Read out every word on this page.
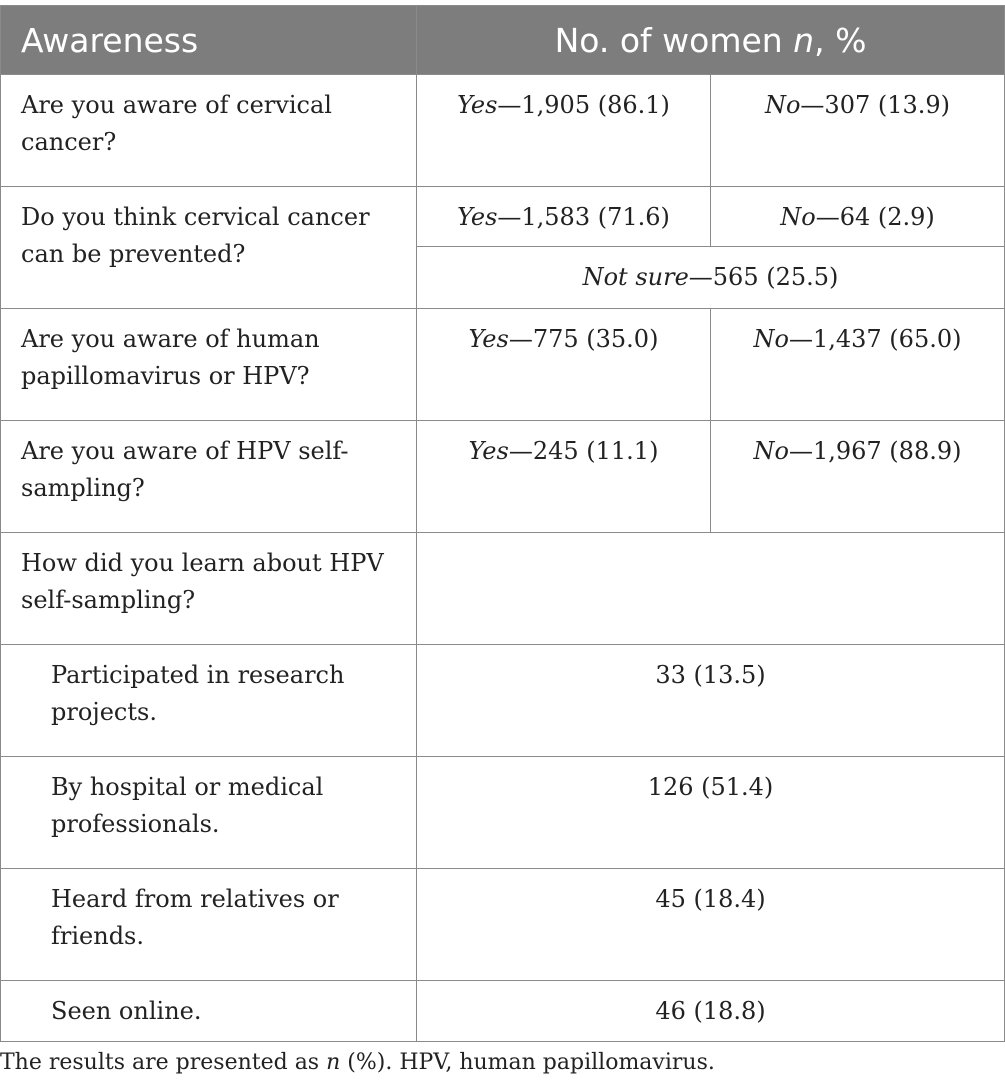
Awareness	No. of women n, %	
Are you aware of cervical cancer?	Yes—1,905 (86.1)	No—307 (13.9)
Do you think cervical cancer can be prevented?	Yes—1,583 (71.6)	No—64 (2.9)
	Not sure—565 (25.5)	
Are you aware of human papillomavirus or HPV?	Yes—775 (35.0)	No—1,437 (65.0)
Are you aware of HPV self-sampling?	Yes—245 (11.1)	No—1,967 (88.9)
How did you learn about HPV self-sampling?		
Participated in research projects.	33 (13.5)	
By hospital or medical professionals.	126 (51.4)	
Heard from relatives or friends.	45 (18.4)	
Seen online.	46 (18.8)	
The results are presented as n (%). HPV, human papillomavirus.
